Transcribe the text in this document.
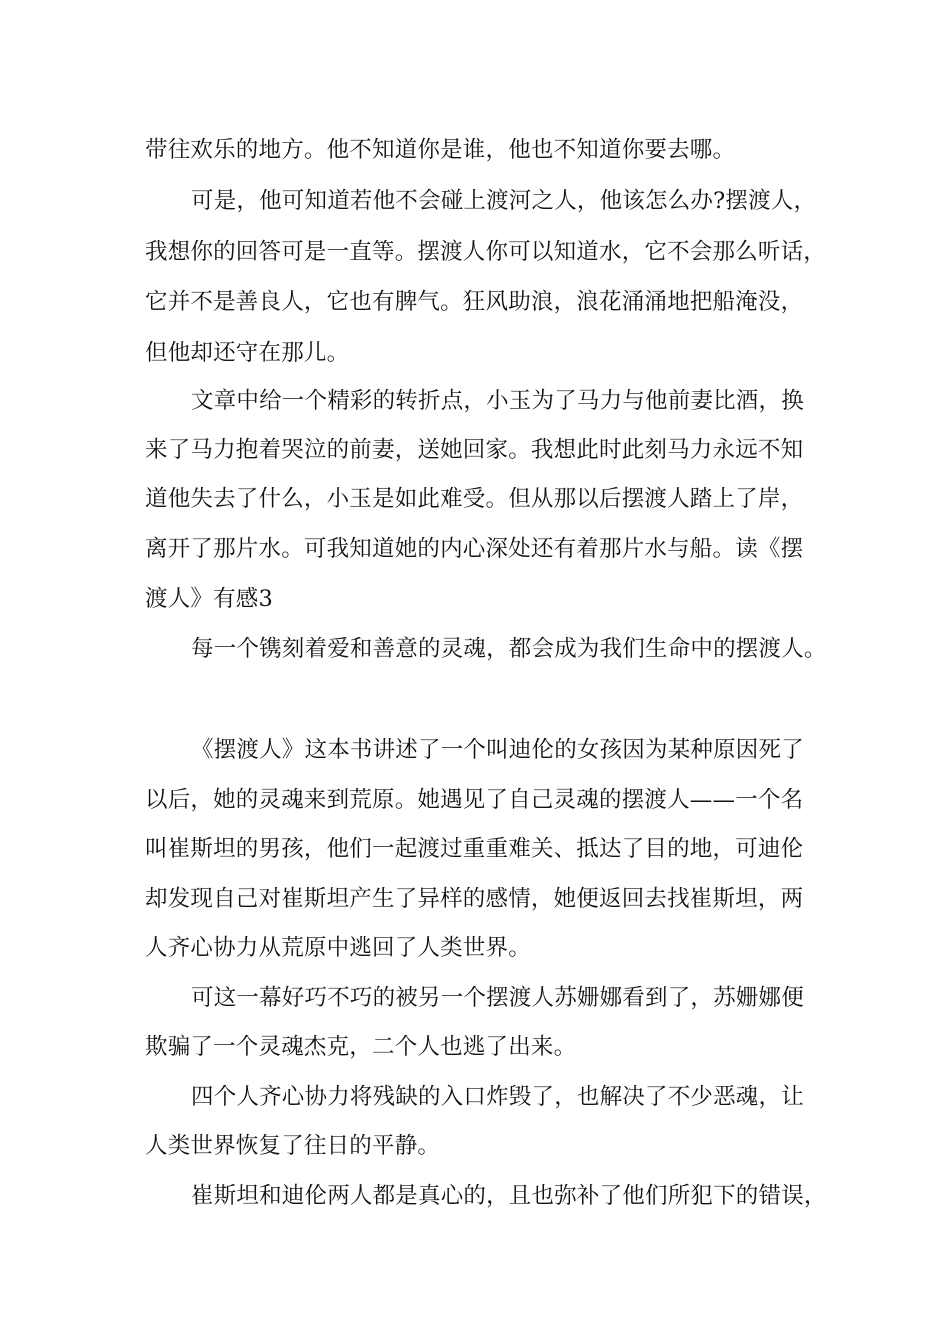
带往欢乐的地方。他不知道你是谁，他也不知道你要去哪。
可是，他可知道若他不会碰上渡河之人，他该怎么办?摆渡人，
我想你的回答可是一直等。摆渡人你可以知道水，它不会那么听话，
它并不是善良人，它也有脾气。狂风助浪，浪花涌涌地把船淹没，
但他却还守在那儿。
文章中给一个精彩的转折点，小玉为了马力与他前妻比酒，换
来了马力抱着哭泣的前妻，送她回家。我想此时此刻马力永远不知
道他失去了什么，小玉是如此难受。但从那以后摆渡人踏上了岸，
离开了那片水。可我知道她的内心深处还有着那片水与船。读《摆
渡人》有感3
每一个镌刻着爱和善意的灵魂，都会成为我们生命中的摆渡人。
《摆渡人》这本书讲述了一个叫迪伦的女孩因为某种原因死了
以后，她的灵魂来到荒原。她遇见了自己灵魂的摆渡人——一个名
叫崔斯坦的男孩，他们一起渡过重重难关、抵达了目的地，可迪伦
却发现自己对崔斯坦产生了异样的感情，她便返回去找崔斯坦，两
人齐心协力从荒原中逃回了人类世界。
可这一幕好巧不巧的被另一个摆渡人苏姗娜看到了，苏姗娜便
欺骗了一个灵魂杰克，二个人也逃了出来。
四个人齐心协力将残缺的入口炸毁了，也解决了不少恶魂，让
人类世界恢复了往日的平静。
崔斯坦和迪伦两人都是真心的，且也弥补了他们所犯下的错误，
